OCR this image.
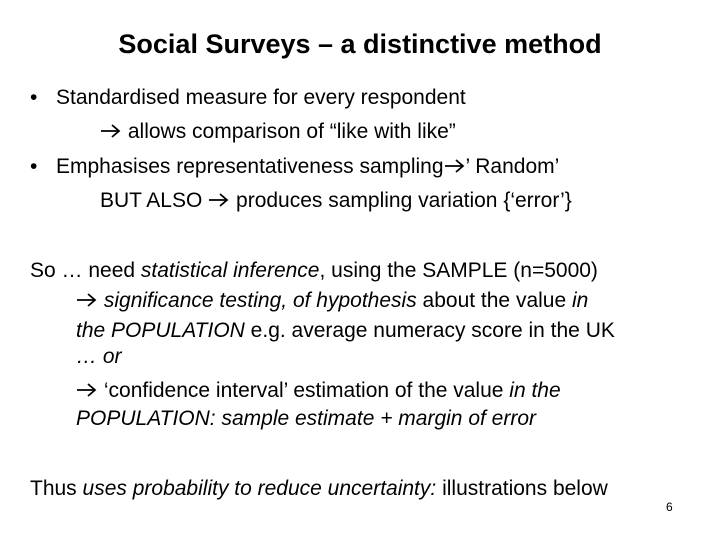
Social Surveys – a distinctive method
• Standardised measure for every respondent
allows comparison of “like with like”
• Emphasises representativeness sampling ’ Random’
BUT ALSO produces sampling variation {‘error’}
So … need statistical inference, using the SAMPLE (n=5000)
significance testing, of hypothesis about the value in
the POPULATION e.g. average numeracy score in the UK
… or
‘confidence interval’ estimation of the value in the
POPULATION: sample estimate + margin of error
Thus uses probability to reduce uncertainty: illustrations below
6
